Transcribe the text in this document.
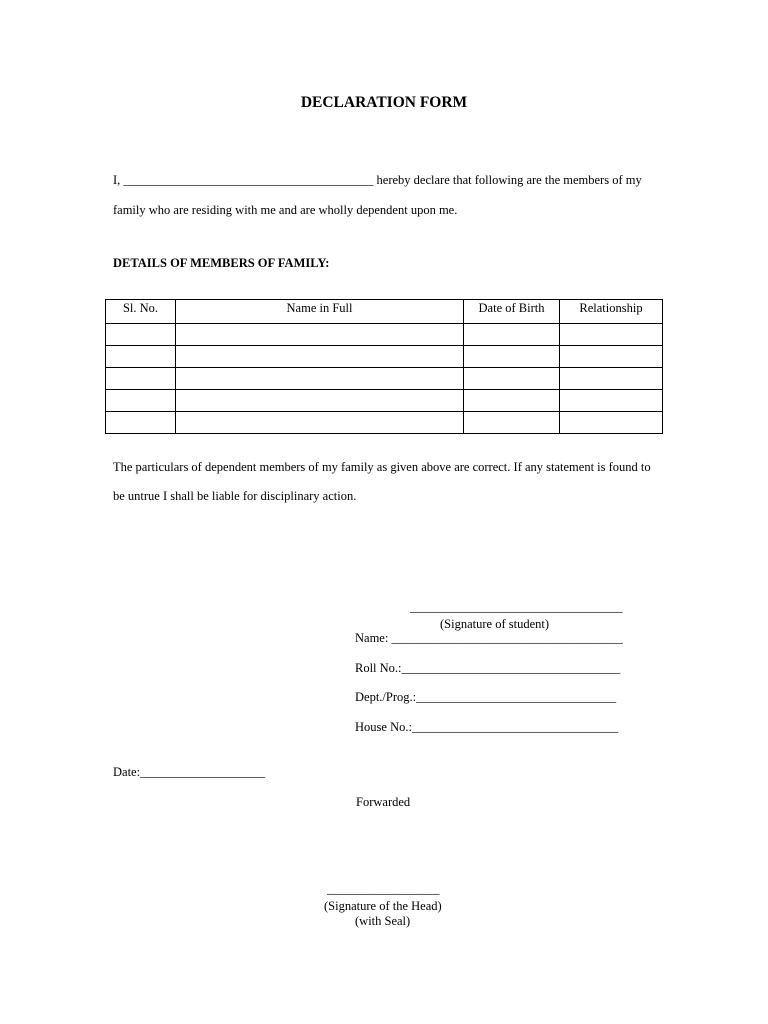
DECLARATION FORM
I, ________________________________________ hereby declare that following are the members of my
family who are residing with me and are wholly dependent upon me.
DETAILS OF MEMBERS OF FAMILY:
Sl. No.	Name in Full	Date of Birth	Relationship

The particulars of dependent members of my family as given above are correct. If any statement is found to
be untrue I shall be liable for disciplinary action.
__________________________________
(Signature of student)
Name: _____________________________________
Roll No.:___________________________________
Dept./Prog.:________________________________
House No.:_________________________________
Date:____________________
Forwarded
__________________
(Signature of the Head)
(with Seal)
